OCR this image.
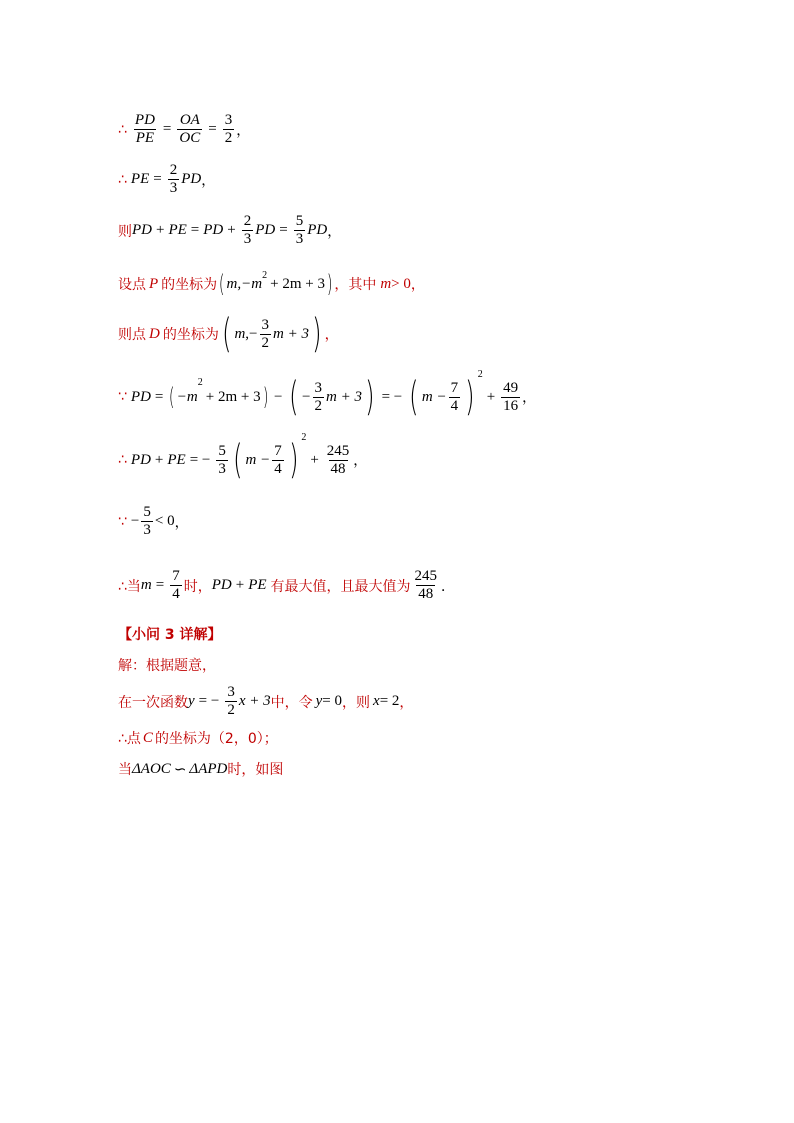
∴ $\frac{PD}{PE} = \frac{OA}{OC} = \frac{3}{2}$ ，
∴ PE = $\frac{2}{3}$ PD ，
则 PD + PE = PD + $\frac{2}{3}$ PD = $\frac{5}{3}$ PD ，
设点 P 的坐标为 ( m ,−m 2 + 2m + 3 ) ，其中 m > 0 ，
则点 D 的坐标为 ( m ,− $\frac{3}{2}$ m + 3 ) ，
∵ PD = ( −m
2
+ 2m + 3 ) − ( − $\frac{3}{2}$ m + 3 ) = − ( $m - \frac{7}{4}$ ) 2
+ $\frac{49}{16}$ ，
∴ PD + PE = − $\frac{5}{3}$ ( $m - \frac{7}{4}$ ) 2
+ $\frac{245}{48}$ ，
∵ − $\frac{5}{3} < 0$ ，
∴当 $m = \frac{7}{4}$ 时， PD + PE 有最大值，且最大值为 $\frac{245}{48}$ ．
【小问 3 详解】
解：根据题意，
在一次函数 y = − $\frac{3}{2}$ x + 3 中，令 y = 0 ，则 x = 2 ，
∴点 C 的坐标为（2，0）；
当 ΔAOC ∽ ΔAPD 时，如图
